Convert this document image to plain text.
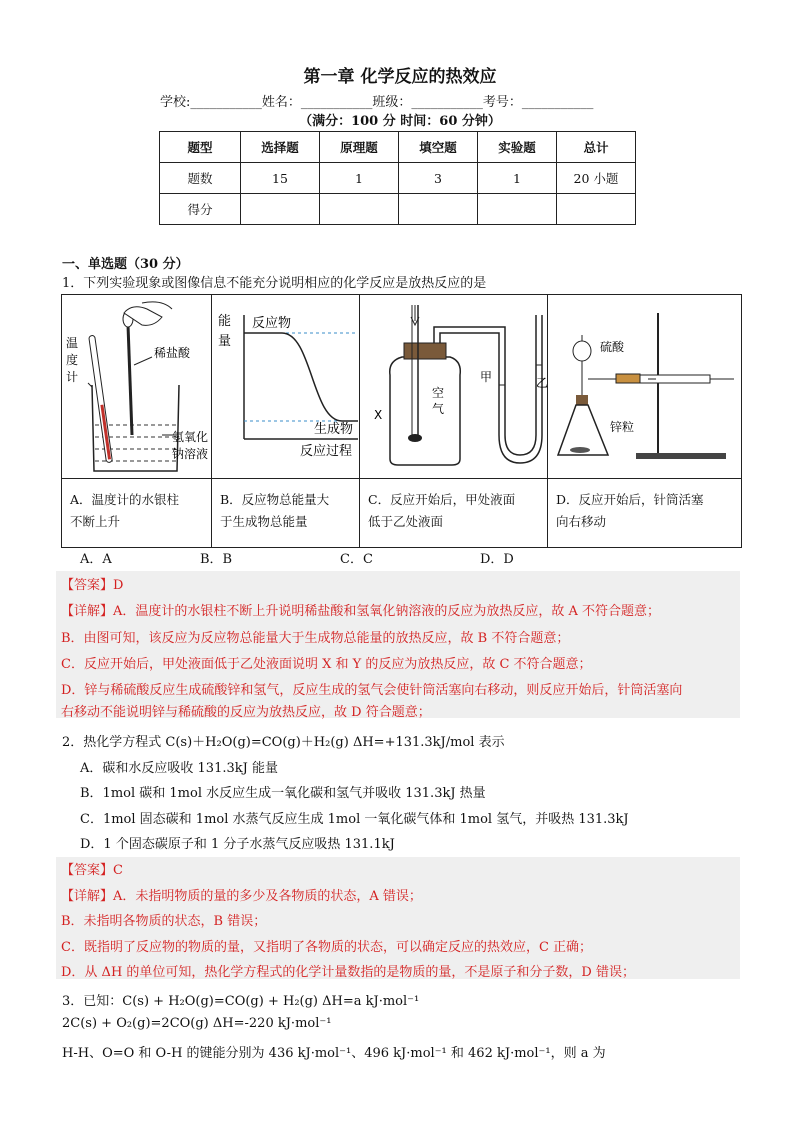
第一章 化学反应的热效应
学校:___________姓名：___________班级：___________考号：___________
（满分：100 分 时间：60 分钟）
题型	选择题	原理题	填空题	实验题	总计
题数	15	1	3	1	20 小题
得分					
一、单选题（30 分）
1．下列实验现象或图像信息不能充分说明相应的化学反应是放热反应的是
温
度
计
稀盐酸
氢氧化
钠溶液
A．温度计的水银柱
不断上升
能
量
反应物
生成物
反应过程
B．反应物总能量大
于生成物总能量
X
空
气
甲	乙
C．反应开始后，甲处液面
低于乙处液面
硫酸
锌粒
D．反应开始后，针筒活塞
向右移动
A．A	B．B	C．C	D．D
【答案】D
【详解】A．温度计的水银柱不断上升说明稀盐酸和氢氧化钠溶液的反应为放热反应，故 A 不符合题意；
B．由图可知，该反应为反应物总能量大于生成物总能量的放热反应，故 B 不符合题意；
C．反应开始后，甲处液面低于乙处液面说明 X 和 Y 的反应为放热反应，故 C 不符合题意；
D．锌与稀硫酸反应生成硫酸锌和氢气，反应生成的氢气会使针筒活塞向右移动，则反应开始后，针筒活塞向
右移动不能说明锌与稀硫酸的反应为放热反应，故 D 符合题意；
2．热化学方程式 C(s)＋H₂O(g)=CO(g)＋H₂(g) ΔH=+131.3kJ/mol 表示
A．碳和水反应吸收 131.3kJ 能量
B．1mol 碳和 1mol 水反应生成一氧化碳和氢气并吸收 131.3kJ 热量
C．1mol 固态碳和 1mol 水蒸气反应生成 1mol 一氧化碳气体和 1mol 氢气，并吸热 131.3kJ
D．1 个固态碳原子和 1 分子水蒸气反应吸热 131.1kJ
【答案】C
【详解】A．未指明物质的量的多少及各物质的状态，A 错误；
B．未指明各物质的状态，B 错误；
C．既指明了反应物的物质的量，又指明了各物质的状态，可以确定反应的热效应，C 正确；
D．从 ΔH 的单位可知，热化学方程式的化学计量数指的是物质的量，不是原子和分子数，D 错误；
3．已知：C(s) + H₂O(g)=CO(g) + H₂(g) ΔH=a kJ·mol⁻¹
2C(s) + O₂(g)=2CO(g) ΔH=-220 kJ·mol⁻¹
H-H、O=O 和 O-H 的键能分别为 436 kJ·mol⁻¹、496 kJ·mol⁻¹ 和 462 kJ·mol⁻¹，则 a 为
